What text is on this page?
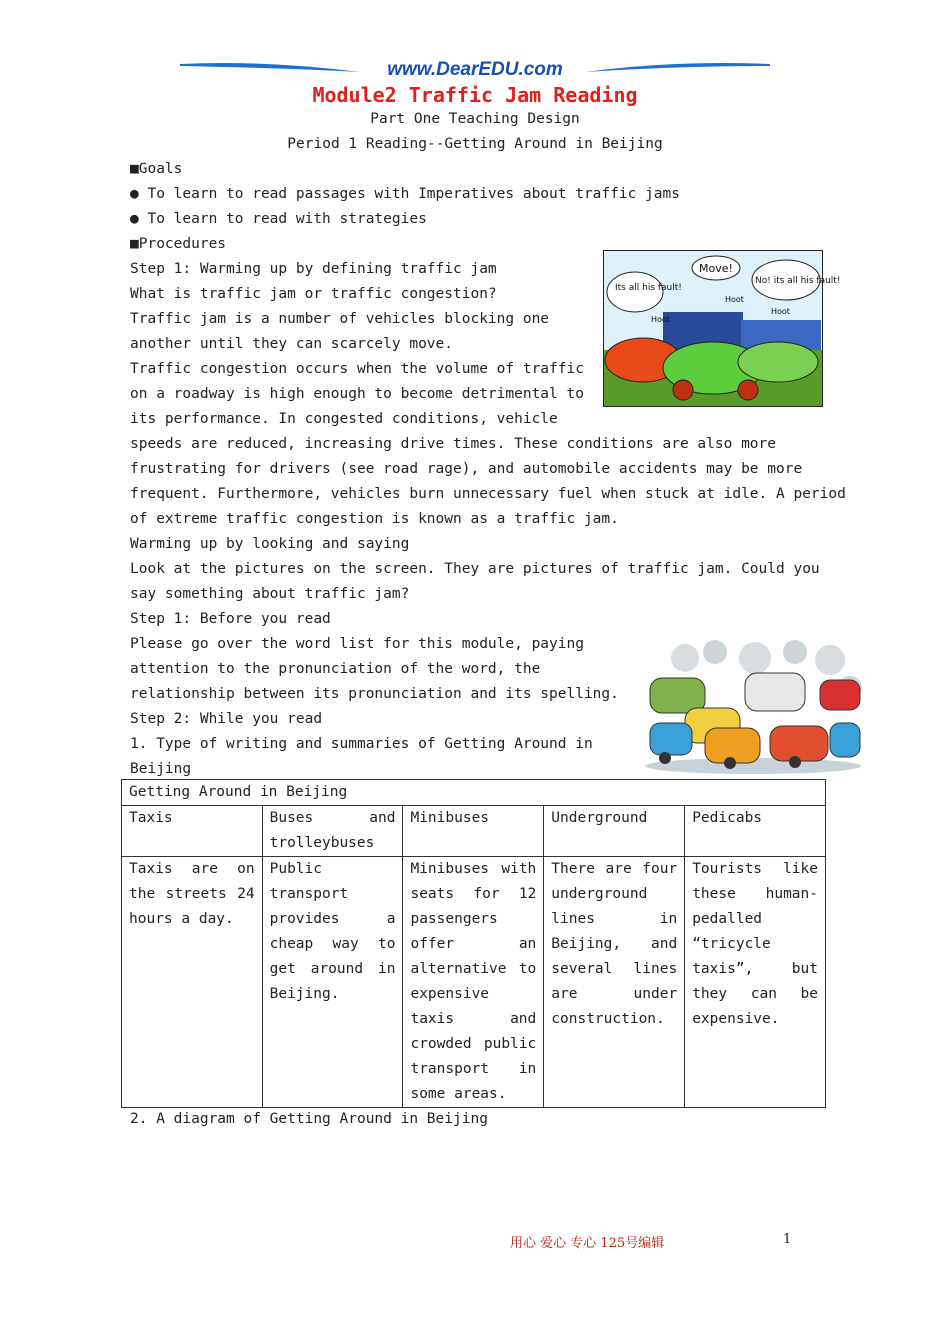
www.DearEDU.com
Module2 Traffic Jam Reading
Part One Teaching Design
Period 1 Reading--Getting Around in Beijing
■Goals
● To learn to read passages with Imperatives about traffic jams
● To learn to read with strategies
■Procedures
Step 1: Warming up by defining traffic jam
What is traffic jam or traffic congestion?
Traffic jam is a number of vehicles blocking one
another until they can scarcely move.
Traffic congestion occurs when the volume of traffic
on a roadway is high enough to become detrimental to
its performance. In congested conditions, vehicle
speeds are reduced, increasing drive times. These conditions are also more
frustrating for drivers (see road rage), and automobile accidents may be more
frequent. Furthermore, vehicles burn unnecessary fuel when stuck at idle. A period
of extreme traffic congestion is known as a traffic jam.
Warming up by looking and saying
Look at the pictures on the screen. They are pictures of traffic jam. Could you
say something about traffic jam?
Step 1: Before you read
Please go over the word list for this module, paying
attention to the pronunciation of the word, the
relationship between its pronunciation and its spelling.
Step 2: While you read
1. Type of writing and summaries of Getting Around in
Beijing
Its all his fault!
Move!
No! its all his fault!
Hoot
Hoot
Hoot
Getting Around in Beijing				
Taxis	Buses and trolleybuses	Minibuses	Underground	Pedicabs
Taxis are on the streets 24 hours a day.	Public transport provides a cheap way to get around in Beijing.	Minibuses with seats for 12 passengers offer an alternative to expensive taxis and crowded public transport in some areas.	There are four underground lines in Beijing, and several lines are under construction.	Tourists like these human-pedalled “tricycle taxis”, but they can be expensive.
2. A diagram of Getting Around in Beijing
用心 爱心 专心 125号编辑	1
